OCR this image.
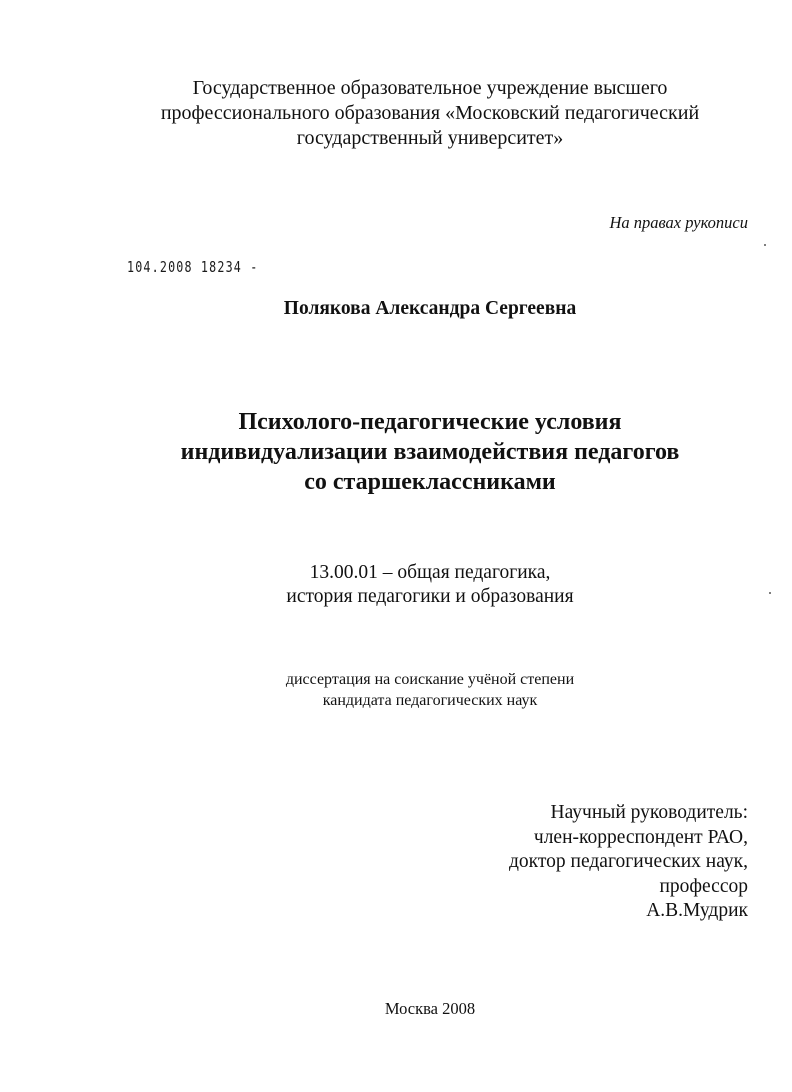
Государственное образовательное учреждение высшего
профессионального образования «Московский педагогический
государственный университет»
На правах рукописи
104.2008 18234 -
Полякова Александра Сергеевна
Психолого-педагогические условия
индивидуализации взаимодействия педагогов
со старшеклассниками
13.00.01 – общая педагогика,
история педагогики и образования
диссертация на соискание учёной степени
кандидата педагогических наук
Научный руководитель:
член-корреспондент РАО,
доктор педагогических наук,
профессор
А.В.Мудрик
Москва 2008
